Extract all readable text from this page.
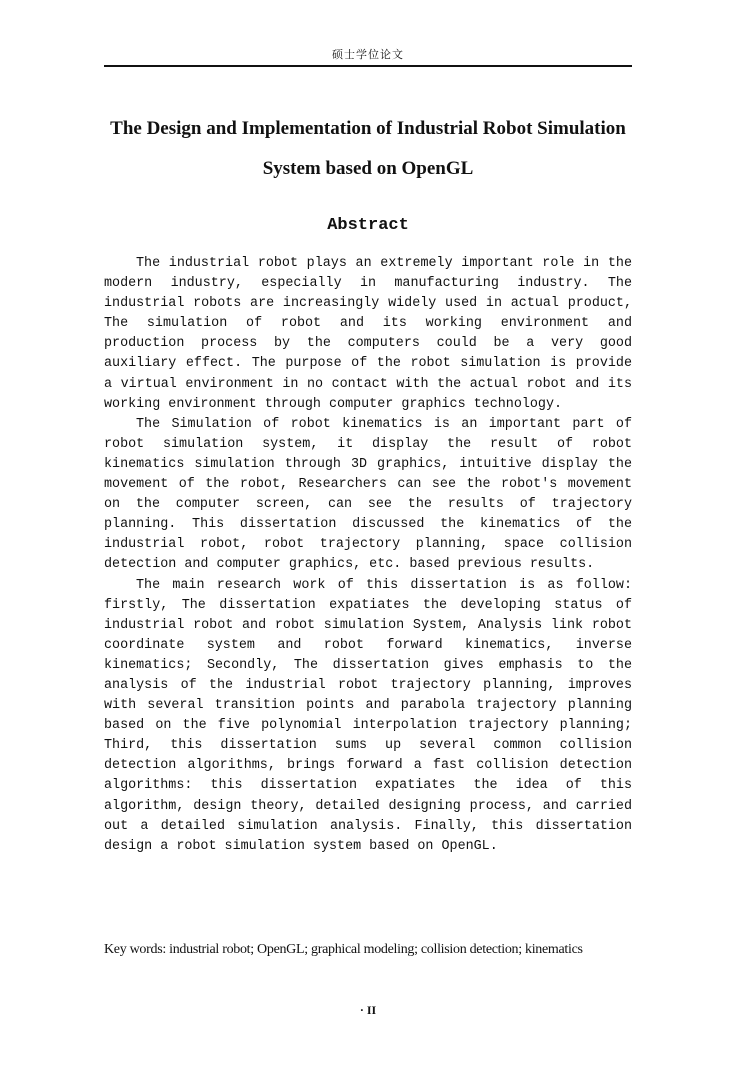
硕士学位论文
The Design and Implementation of Industrial Robot Simulation System based on OpenGL
Abstract

The industrial robot plays an extremely important role in the modern industry, especially in manufacturing industry. The industrial robots are increasingly widely used in actual product, The simulation of robot and its working environment and production process by the computers could be a very good auxiliary effect. The purpose of the robot simulation is provide a virtual environment in no contact with the actual robot and its working environment through computer graphics technology.

The Simulation of robot kinematics is an important part of robot simulation system, it display the result of robot kinematics simulation through 3D graphics, intuitive display the movement of the robot, Researchers can see the robot's movement on the computer screen, can see the results of trajectory planning. This dissertation discussed the kinematics of the industrial robot, robot trajectory planning, space collision detection and computer graphics, etc. based previous results.

The main research work of this dissertation is as follow: firstly, The dissertation expatiates the developing status of industrial robot and robot simulation System, Analysis link robot coordinate system and robot forward kinematics, inverse kinematics; Secondly, The dissertation gives emphasis to the analysis of the industrial robot trajectory planning, improves with several transition points and parabola trajectory planning based on the five polynomial interpolation trajectory planning; Third, this dissertation sums up several common collision detection algorithms, brings forward a fast collision detection algorithms: this dissertation expatiates the idea of this algorithm, design theory, detailed designing process, and carried out a detailed simulation analysis. Finally, this dissertation design a robot simulation system based on OpenGL.

Key words: industrial robot; OpenGL; graphical modeling; collision detection; kinematics
· II
